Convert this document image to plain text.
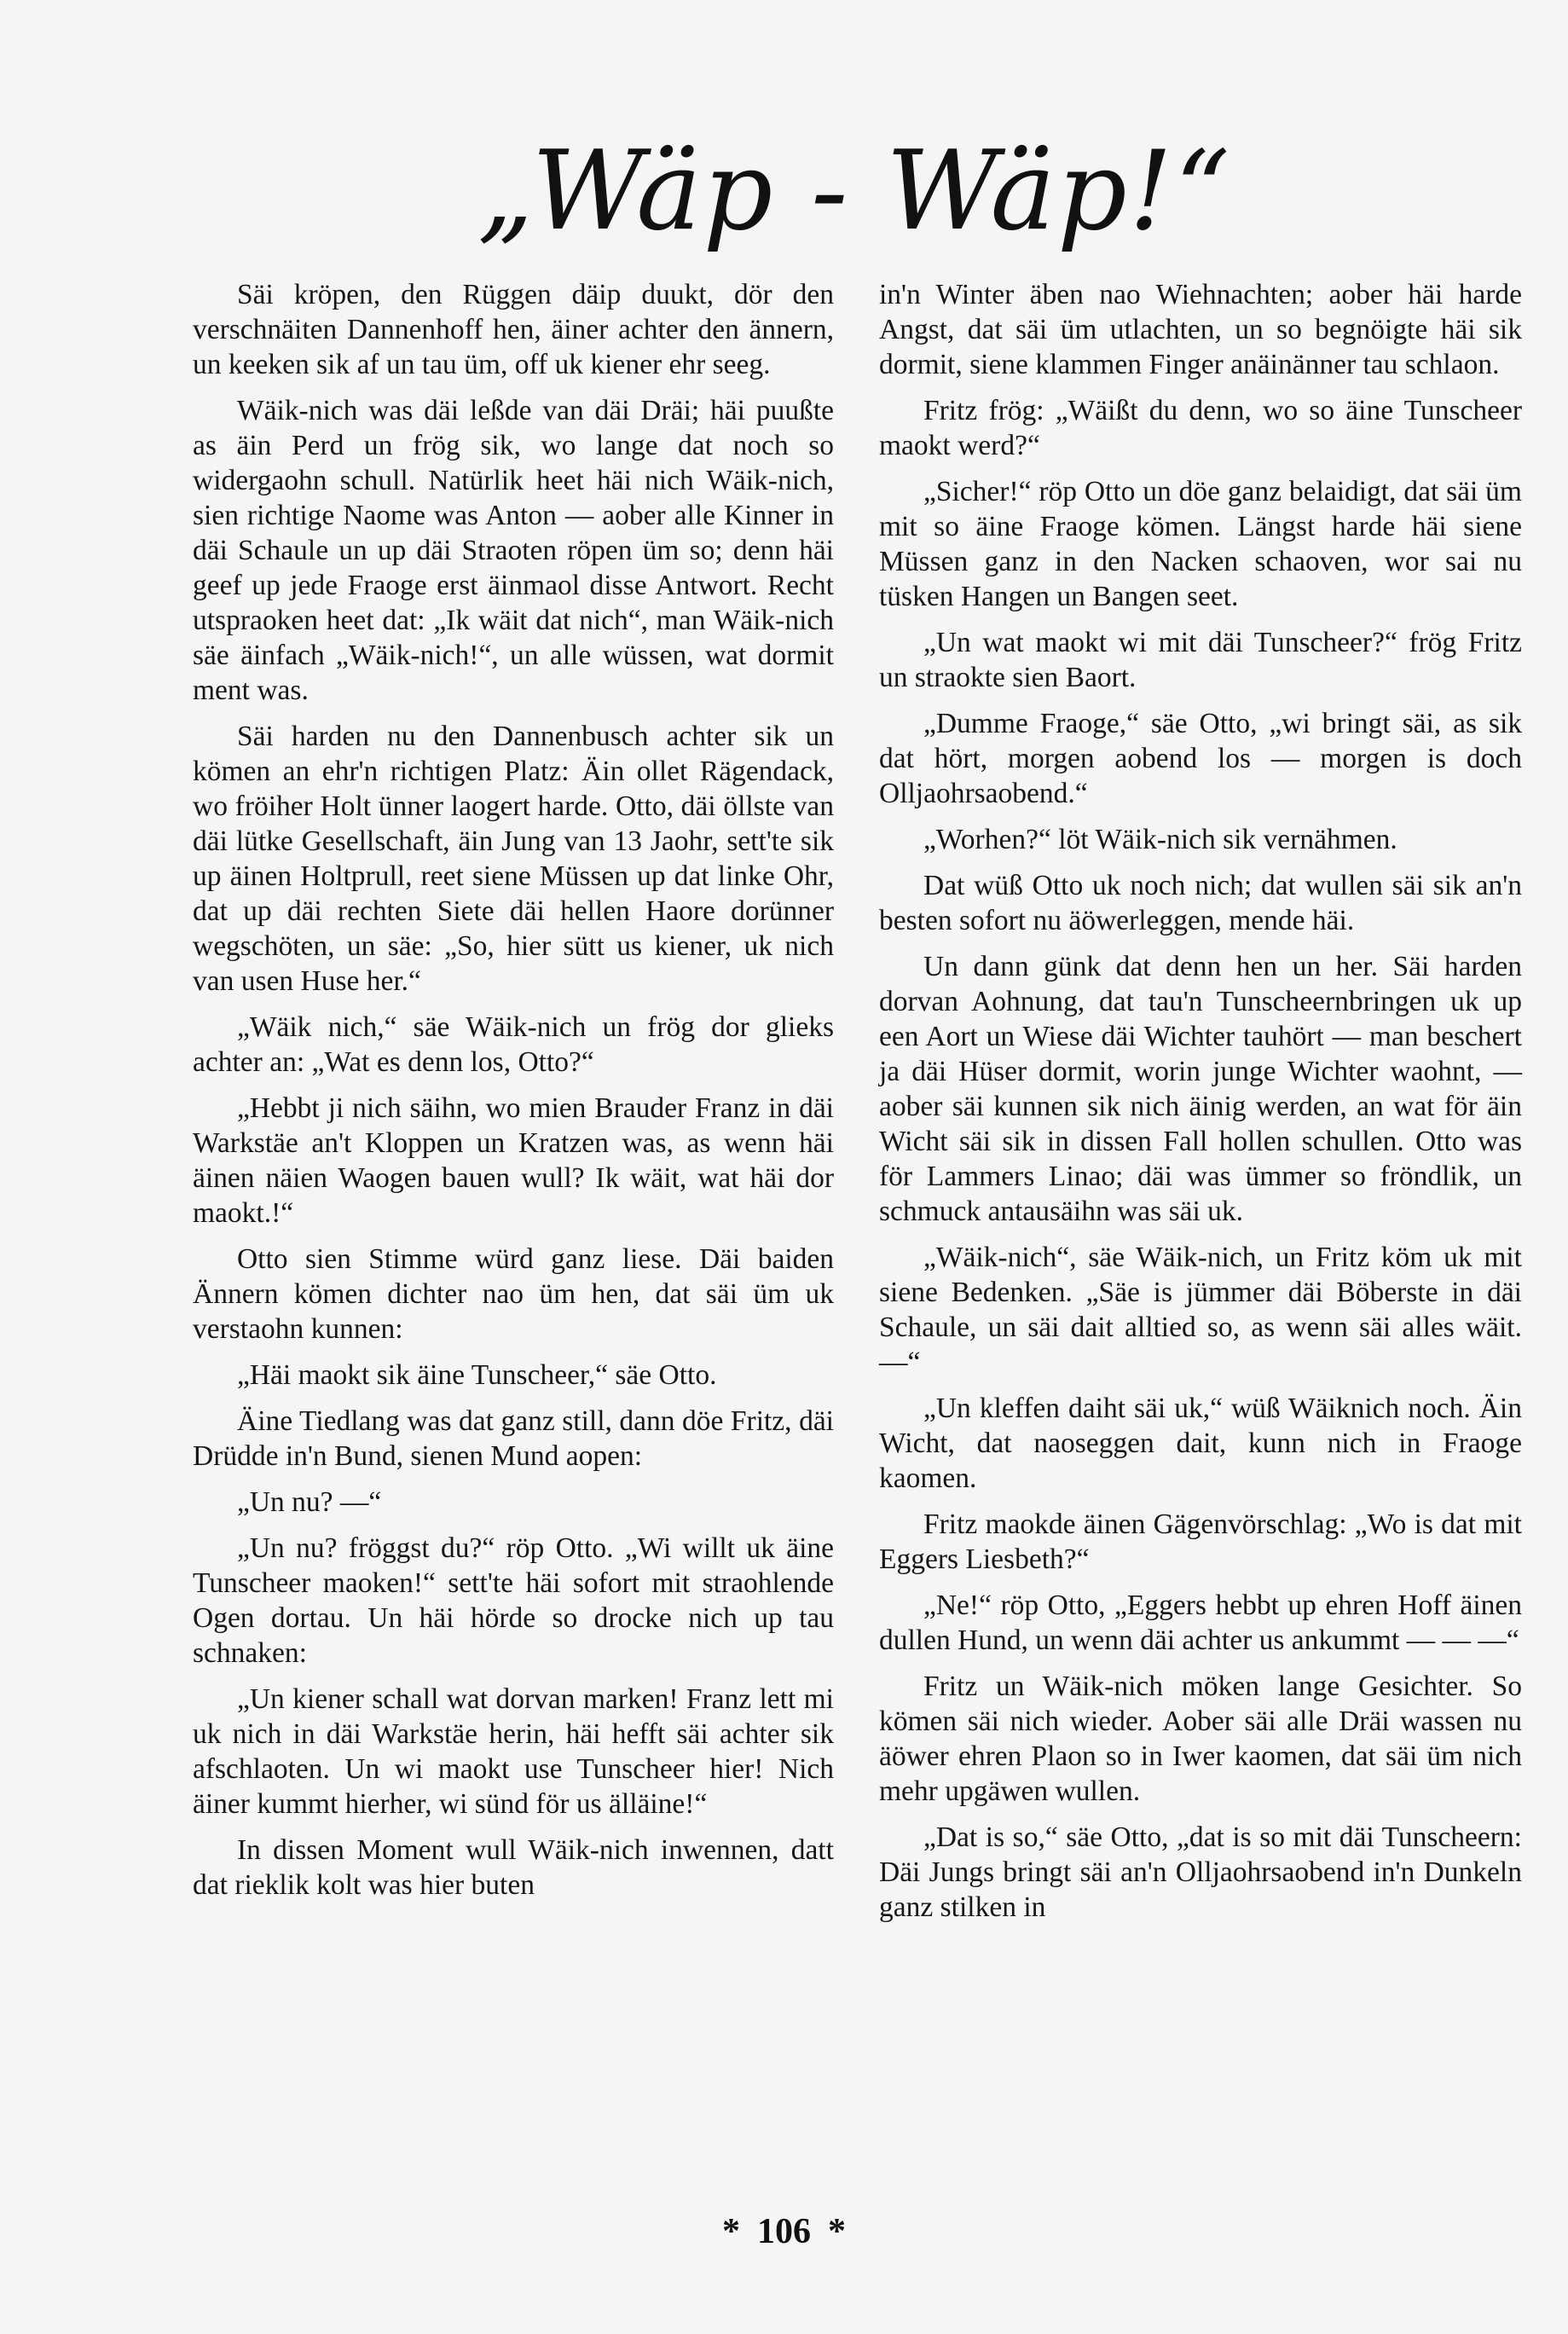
„Wäp - Wäp!“

Säi kröpen, den Rüggen däip duukt, dör den verschnäiten Dannenhoff hen, äiner achter den ännern, un keeken sik af un tau üm, off uk kiener ehr seeg.

Wäik-nich was däi leßde van däi Dräi; häi puußte as äin Perd un frög sik, wo lange dat noch so widergaohn schull. Natürlik heet häi nich Wäik-nich, sien richtige Naome was Anton — aober alle Kinner in däi Schaule un up däi Straoten röpen üm so; denn häi geef up jede Fraoge erst äinmaol disse Antwort. Recht utspraoken heet dat: „Ik wäit dat nich“, man Wäik-nich säe äinfach „Wäik-nich!“, un alle wüssen, wat dormit ment was.

Säi harden nu den Dannenbusch achter sik un kömen an ehr'n richtigen Platz: Äin ollet Rägendack, wo fröiher Holt ünner laogert harde. Otto, däi öllste van däi lütke Gesellschaft, äin Jung van 13 Jaohr, sett'te sik up äinen Holtprull, reet siene Müssen up dat linke Ohr, dat up däi rechten Siete däi hellen Haore dorünner wegschöten, un säe: „So, hier sütt us kiener, uk nich van usen Huse her.“

„Wäik nich,“ säe Wäik-nich un frög dor glieks achter an: „Wat es denn los, Otto?“

„Hebbt ji nich säihn, wo mien Brauder Franz in däi Warkstäe an't Kloppen un Kratzen was, as wenn häi äinen näien Waogen bauen wull? Ik wäit, wat häi dor maokt.!“

Otto sien Stimme würd ganz liese. Däi baiden Ännern kömen dichter nao üm hen, dat säi üm uk verstaohn kunnen:

„Häi maokt sik äine Tunscheer,“ säe Otto.

Äine Tiedlang was dat ganz still, dann döe Fritz, däi Drüdde in'n Bund, sienen Mund aopen:

„Un nu? —“

„Un nu? fröggst du?“ röp Otto. „Wi willt uk äine Tunscheer maoken!“ sett'te häi sofort mit straohlende Ogen dortau. Un häi hörde so drocke nich up tau schnaken:

„Un kiener schall wat dorvan marken! Franz lett mi uk nich in däi Warkstäe herin, häi hefft säi achter sik afschlaoten. Un wi maokt use Tunscheer hier! Nich äiner kummt hierher, wi sünd för us älläine!“

In dissen Moment wull Wäik-nich inwennen, datt dat rieklik kolt was hier buten

in'n Winter äben nao Wiehnachten; aober häi harde Angst, dat säi üm utlachten, un so begnöigte häi sik dormit, siene klammen Finger anäinänner tau schlaon.

Fritz frög: „Wäißt du denn, wo so äine Tunscheer maokt werd?“

„Sicher!“ röp Otto un döe ganz belaidigt, dat säi üm mit so äine Fraoge kömen. Längst harde häi siene Müssen ganz in den Nacken schaoven, wor sai nu tüsken Hangen un Bangen seet.

„Un wat maokt wi mit däi Tunscheer?“ frög Fritz un straokte sien Baort.

„Dumme Fraoge,“ säe Otto, „wi bringt säi, as sik dat hört, morgen aobend los — morgen is doch Olljaohrsaobend.“

„Worhen?“ löt Wäik-nich sik vernähmen.

Dat wüß Otto uk noch nich; dat wullen säi sik an'n besten sofort nu äöwerleggen, mende häi.

Un dann günk dat denn hen un her. Säi harden dorvan Aohnung, dat tau'n Tunscheernbringen uk up een Aort un Wiese däi Wichter tauhört — man beschert ja däi Hüser dormit, worin junge Wichter waohnt, — aober säi kunnen sik nich äinig werden, an wat för äin Wicht säi sik in dissen Fall hollen schullen. Otto was för Lammers Linao; däi was ümmer so fröndlik, un schmuck antausäihn was säi uk.

„Wäik-nich“, säe Wäik-nich, un Fritz köm uk mit siene Bedenken. „Säe is jümmer däi Böberste in däi Schaule, un säi dait alltied so, as wenn säi alles wäit. —“

„Un kleffen daiht säi uk,“ wüß Wäiknich noch. Äin Wicht, dat naoseggen dait, kunn nich in Fraoge kaomen.

Fritz maokde äinen Gägenvörschlag: „Wo is dat mit Eggers Liesbeth?“

„Ne!“ röp Otto, „Eggers hebbt up ehren Hoff äinen dullen Hund, un wenn däi achter us ankummt — — —“

Fritz un Wäik-nich möken lange Gesichter. So kömen säi nich wieder. Aober säi alle Dräi wassen nu äöwer ehren Plaon so in Iwer kaomen, dat säi üm nich mehr upgäwen wullen.

„Dat is so,“ säe Otto, „dat is so mit däi Tunscheern: Däi Jungs bringt säi an'n Olljaohrsaobend in'n Dunkeln ganz stilken in

* 106 *
